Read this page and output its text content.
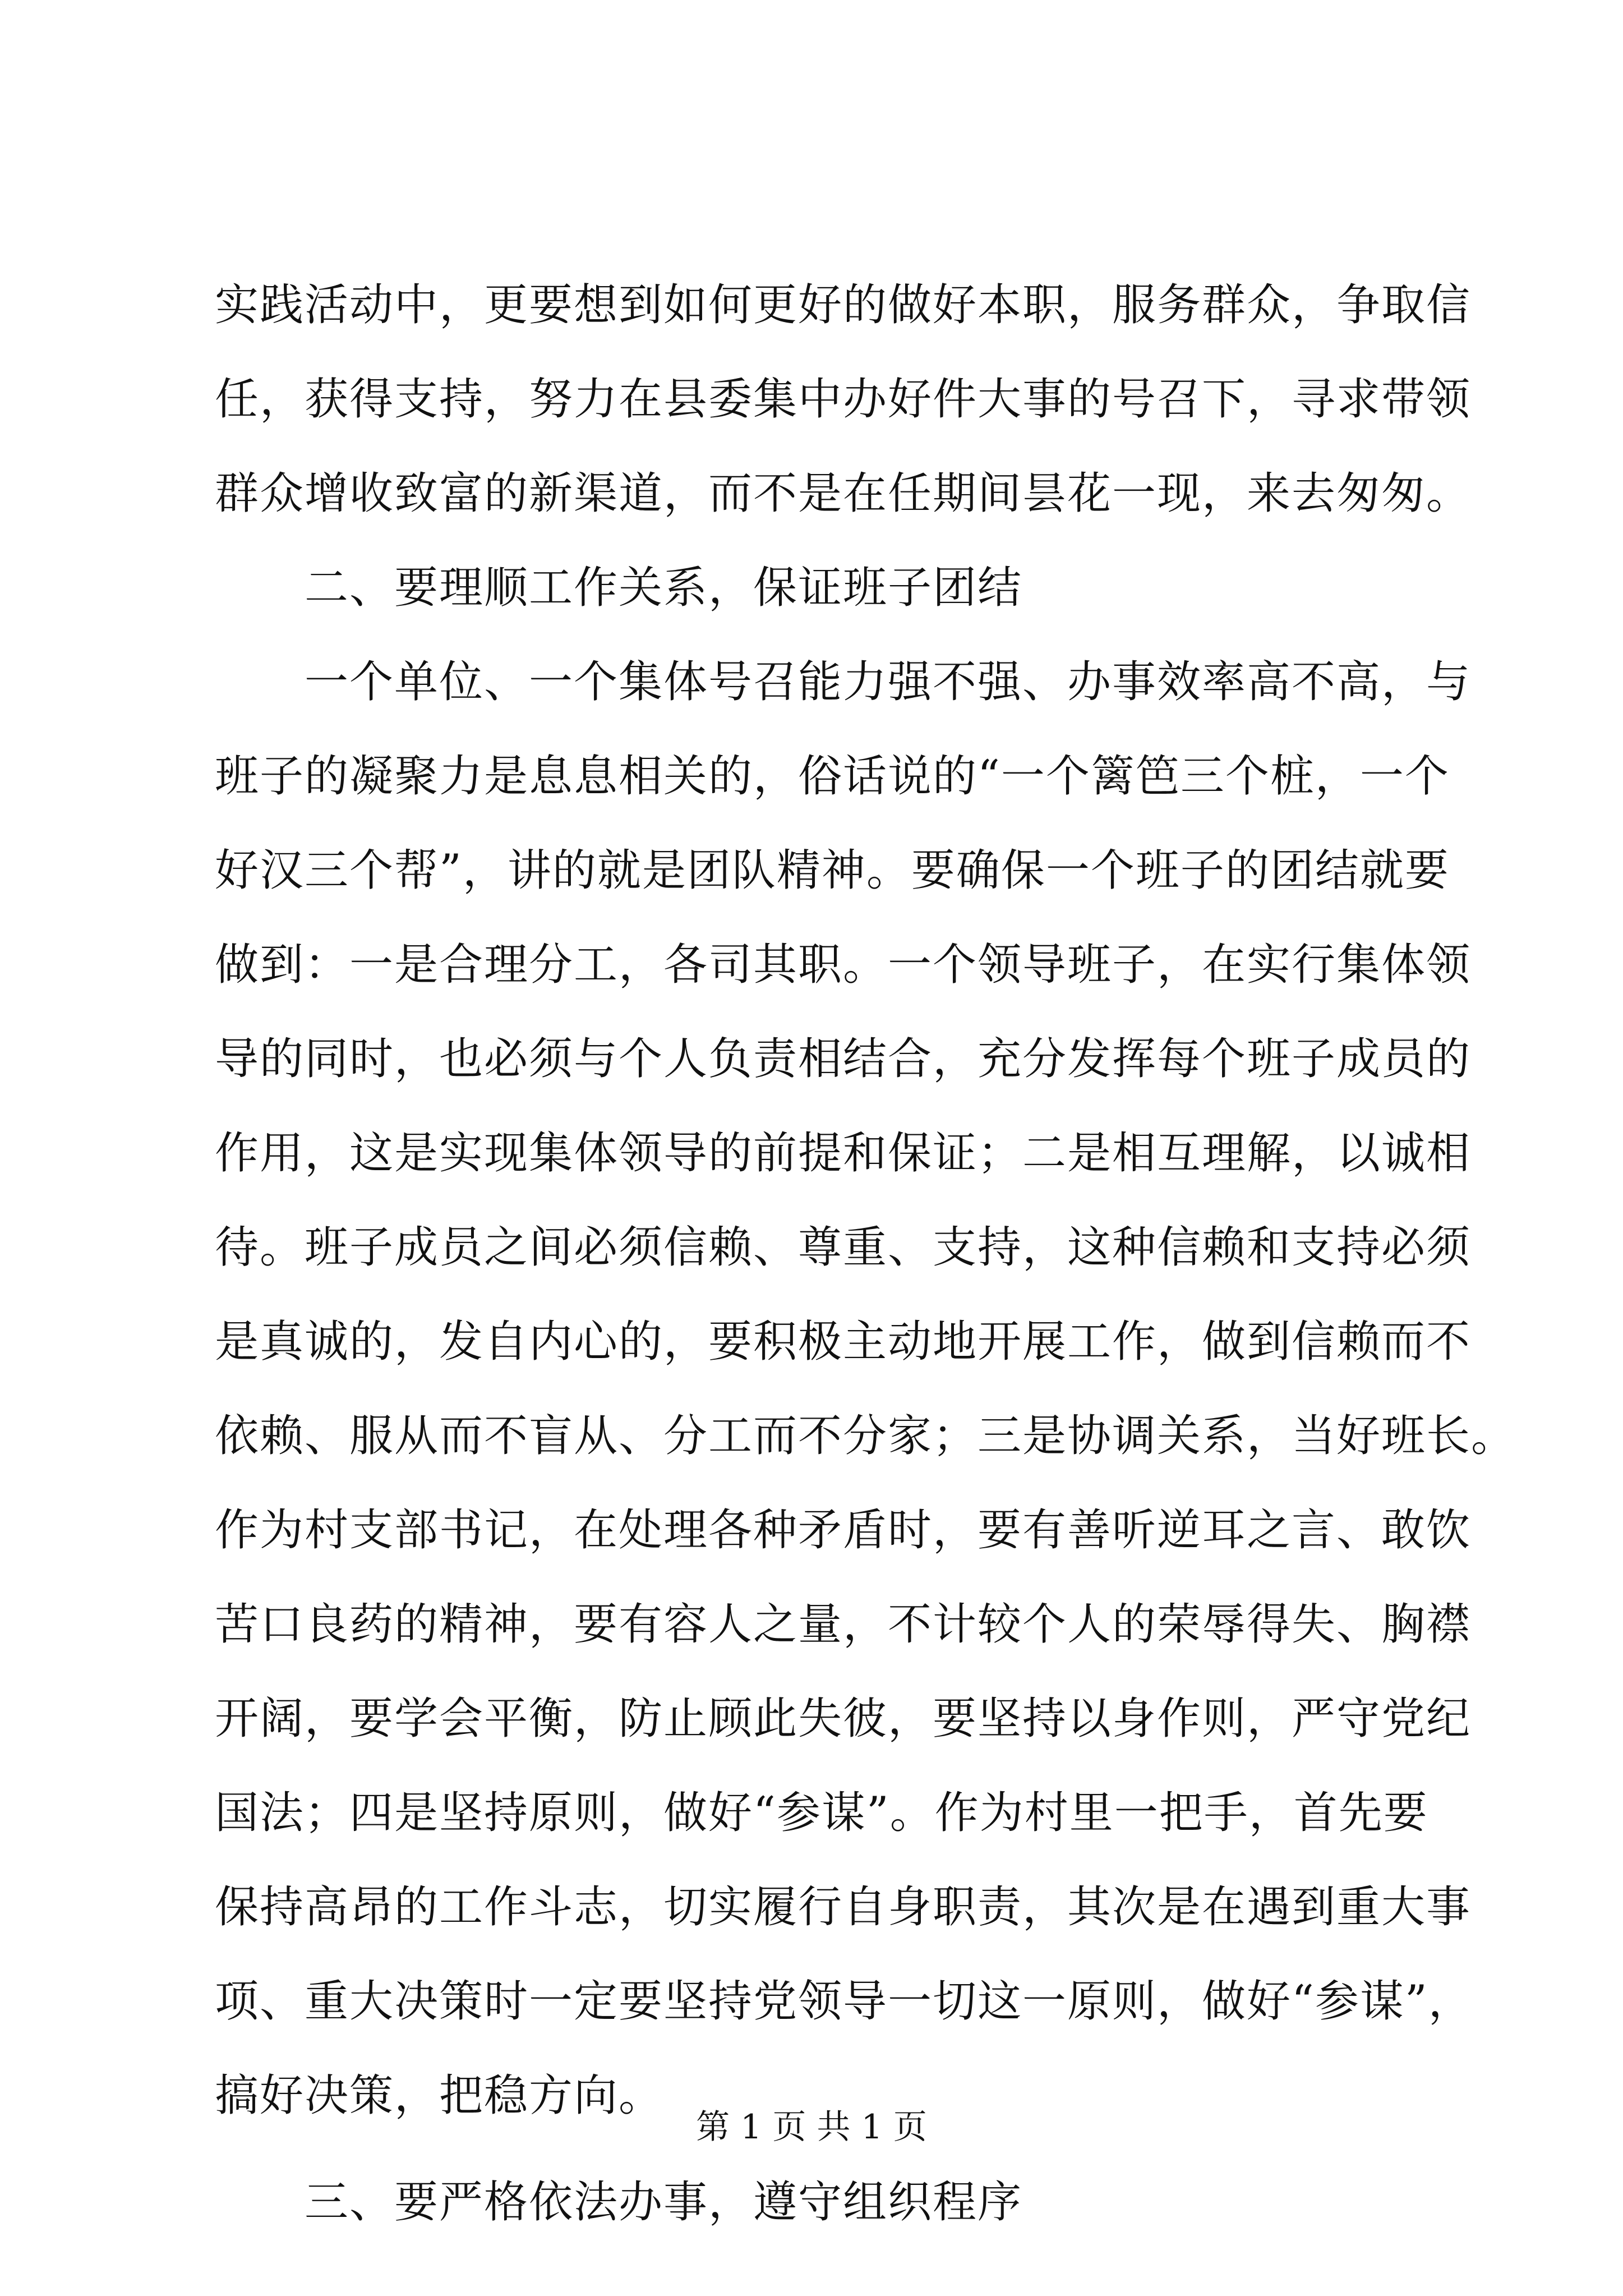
实践活动中，更要想到如何更好的做好本职，服务群众，争取信
任，获得支持，努力在县委集中办好件大事的号召下，寻求带领
群众增收致富的新渠道，而不是在任期间昙花一现，来去匆匆。
二、要理顺工作关系，保证班子团结
一个单位、一个集体号召能力强不强、办事效率高不高，与
班子的凝聚力是息息相关的，俗话说的“一个篱笆三个桩，一个
好汉三个帮”，讲的就是团队精神。要确保一个班子的团结就要
做到：一是合理分工，各司其职。一个领导班子，在实行集体领
导的同时，也必须与个人负责相结合，充分发挥每个班子成员的
作用，这是实现集体领导的前提和保证；二是相互理解，以诚相
待。班子成员之间必须信赖、尊重、支持，这种信赖和支持必须
是真诚的，发自内心的，要积极主动地开展工作，做到信赖而不
依赖、服从而不盲从、分工而不分家；三是协调关系，当好班长。
作为村支部书记，在处理各种矛盾时，要有善听逆耳之言、敢饮
苦口良药的精神，要有容人之量，不计较个人的荣辱得失、胸襟
开阔，要学会平衡，防止顾此失彼，要坚持以身作则，严守党纪
国法；四是坚持原则，做好“参谋”。作为村里一把手，首先要
保持高昂的工作斗志，切实履行自身职责，其次是在遇到重大事
项、重大决策时一定要坚持党领导一切这一原则，做好“参谋”，
搞好决策，把稳方向。
三、要严格依法办事，遵守组织程序
第 1 页 共 1 页
